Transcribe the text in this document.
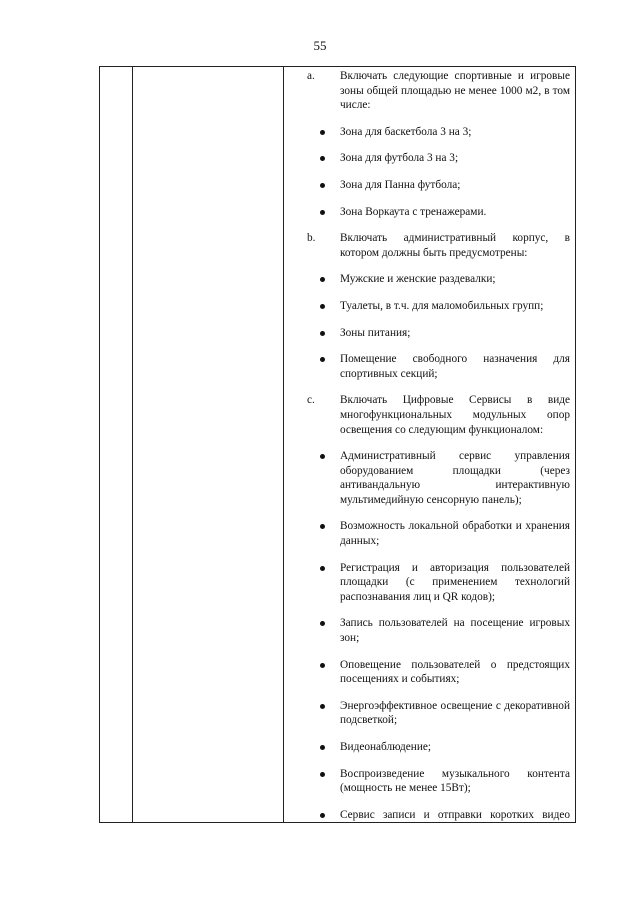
55
a. Включать следующие спортивные и игровые зоны общей площадью не менее 1000 м2, в том числе:
Зона для баскетбола 3 на 3;
Зона для футбола 3 на 3;
Зона для Панна футбола;
Зона Воркаута с тренажерами.
b. Включать административный корпус, в котором должны быть предусмотрены:
Мужские и женские раздевалки;
Туалеты, в т.ч. для маломобильных групп;
Зоны питания;
Помещение свободного назначения для спортивных секций;
c. Включать Цифровые Сервисы в виде многофункциональных модульных опор освещения со следующим функционалом:
Административный сервис управления оборудованием площадки (через антивандальную интерактивную мультимедийную сенсорную панель);
Возможность локальной обработки и хранения данных;
Регистрация и авторизация пользователей площадки (с применением технологий распознавания лиц и QR кодов);
Запись пользователей на посещение игровых зон;
Оповещение пользователей о предстоящих посещениях и событиях;
Энергоэффективное освещение с декоративной подсветкой;
Видеонаблюдение;
Воспроизведение музыкального контента (мощность не менее 15Вт);
Сервис записи и отправки коротких видео
